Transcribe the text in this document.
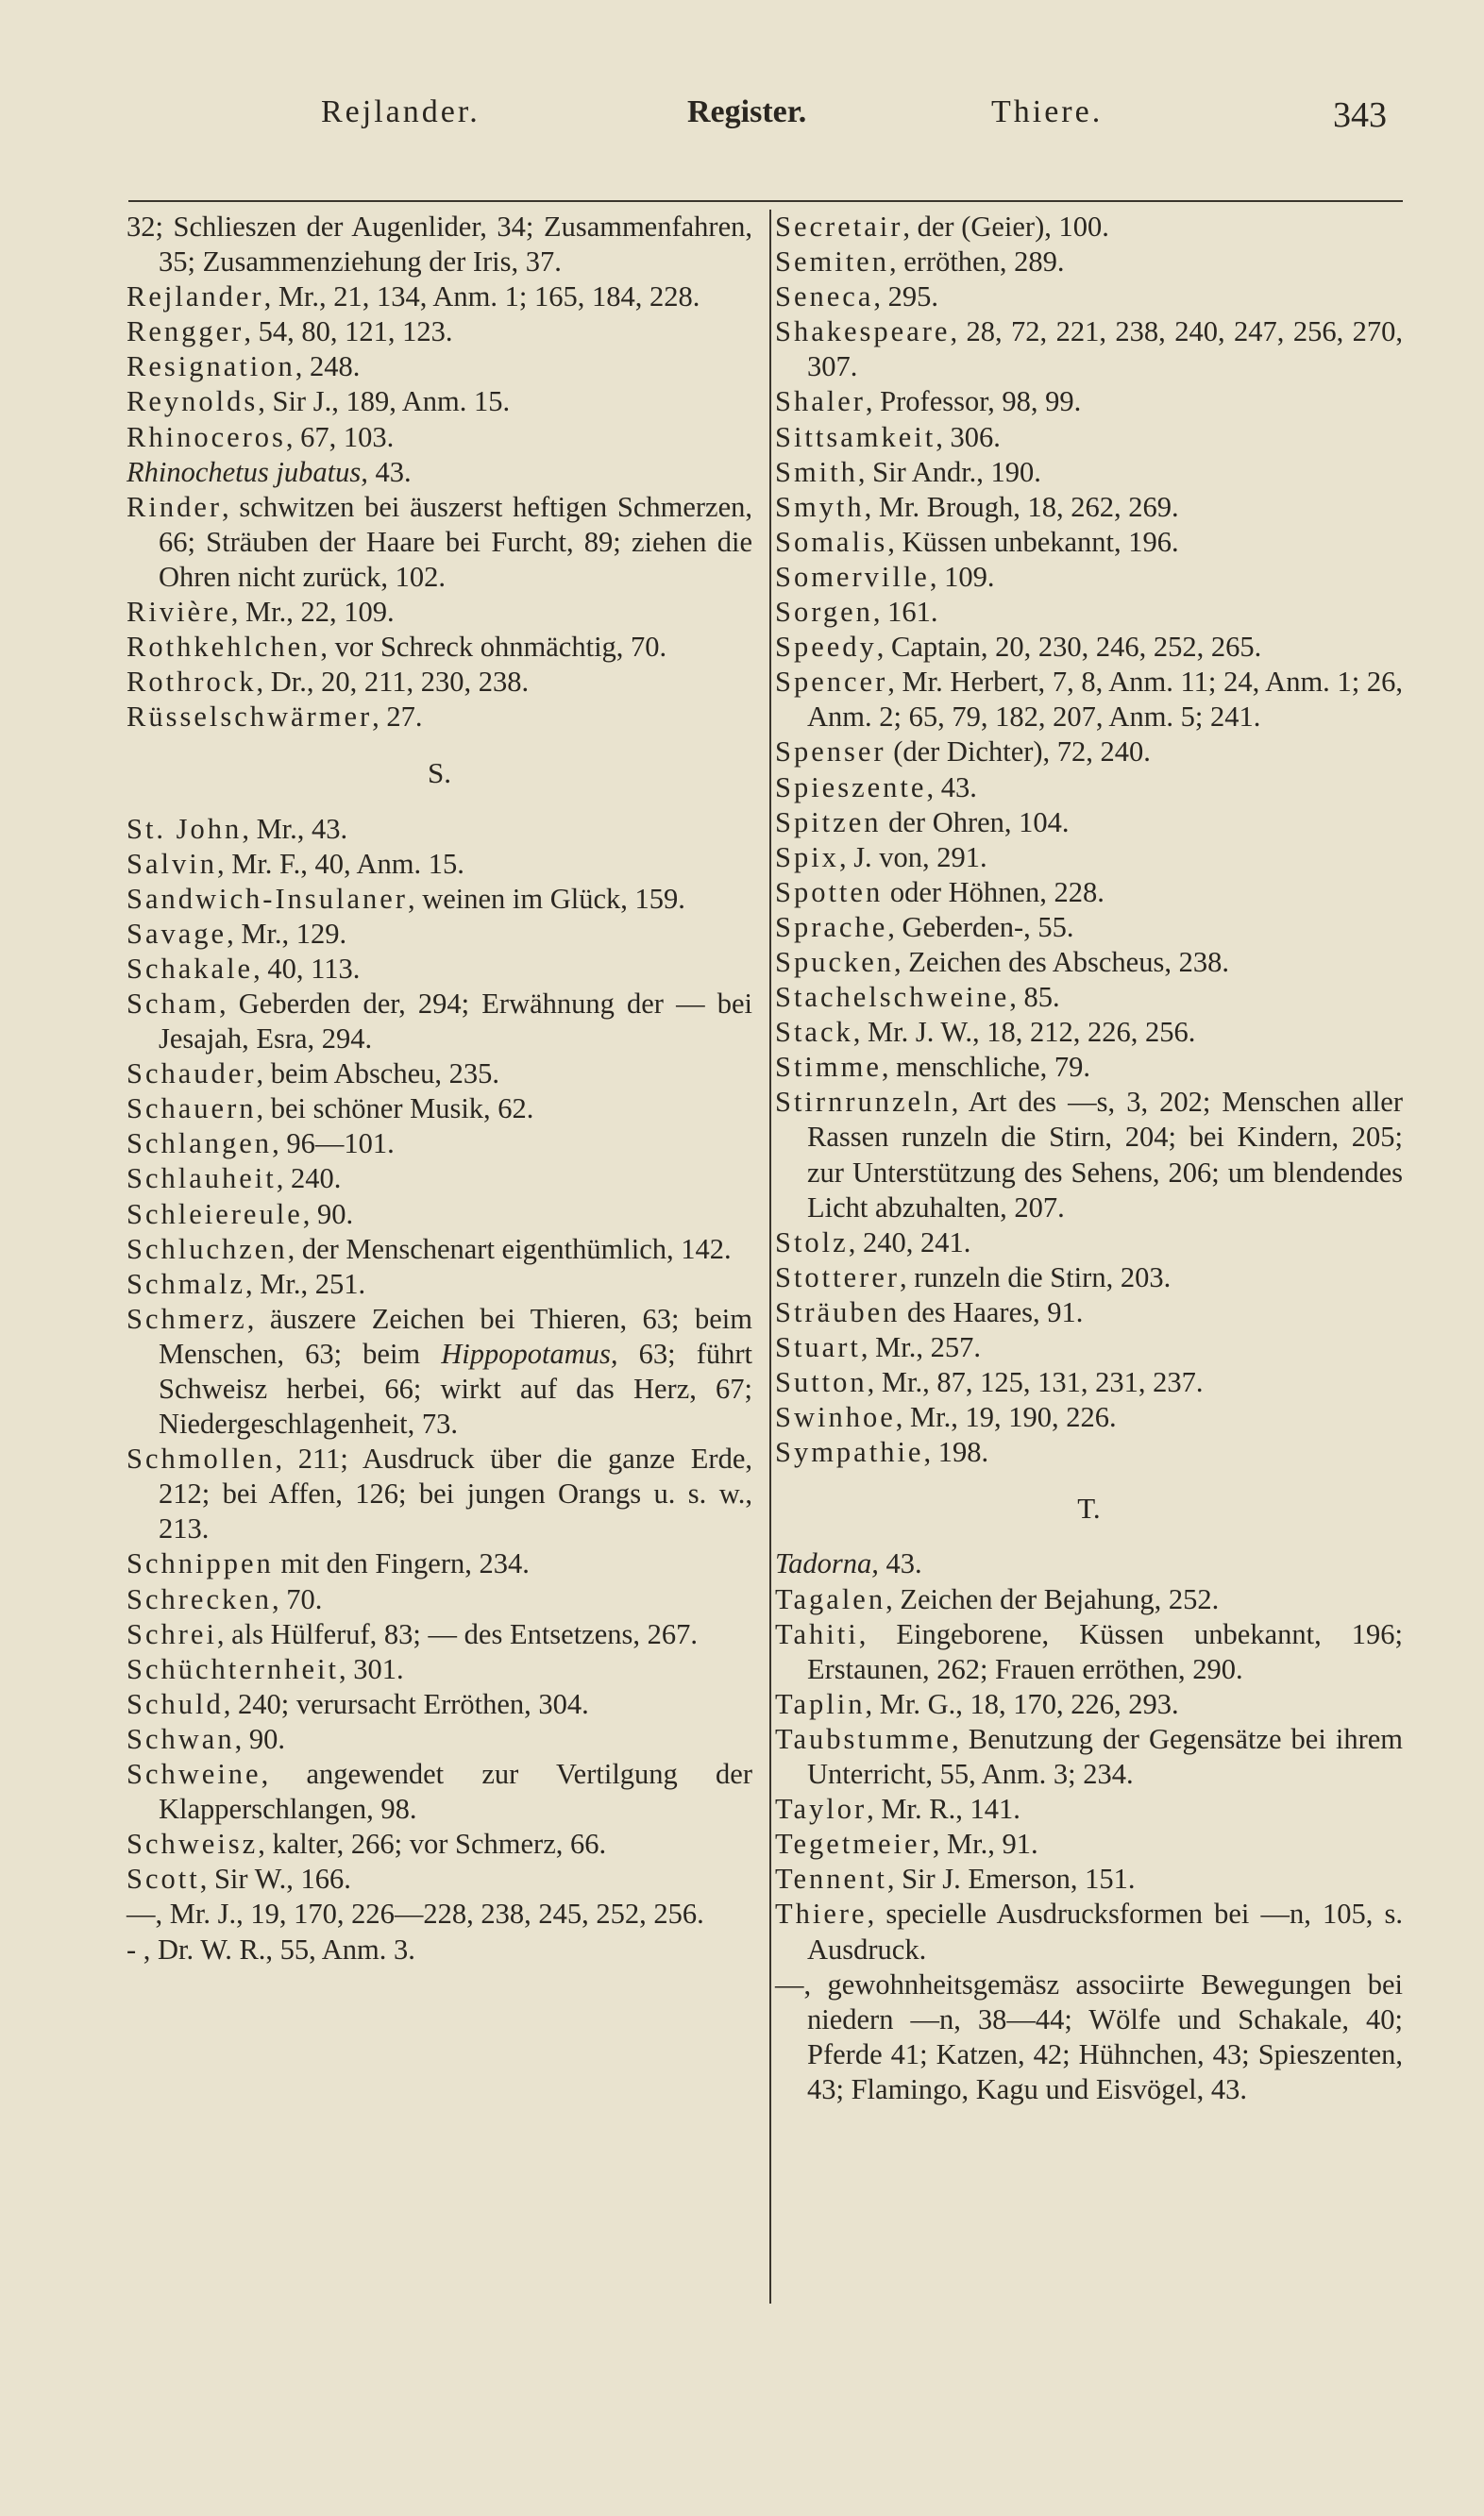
Rejlander.	Register.	Thiere.	343
32; Schlieszen der Augenlider, 34; Zusammenfahren, 35; Zusammenziehung der Iris, 37.
Rejlander, Mr., 21, 134, Anm. 1; 165, 184, 228.
Rengger, 54, 80, 121, 123.
Resignation, 248.
Reynolds, Sir J., 189, Anm. 15.
Rhinoceros, 67, 103.
Rhinochetus jubatus, 43.
Rinder, schwitzen bei äuszerst heftigen Schmerzen, 66; Sträuben der Haare bei Furcht, 89; ziehen die Ohren nicht zurück, 102.
Rivière, Mr., 22, 109.
Rothkehlchen, vor Schreck ohnmächtig, 70.
Rothrock, Dr., 20, 211, 230, 238.
Rüsselschwärmer, 27.
S.
St. John, Mr., 43.
Salvin, Mr. F., 40, Anm. 15.
Sandwich-Insulaner, weinen im Glück, 159.
Savage, Mr., 129.
Schakale, 40, 113.
Scham, Geberden der, 294; Erwähnung der — bei Jesajah, Esra, 294.
Schauder, beim Abscheu, 235.
Schauern, bei schöner Musik, 62.
Schlangen, 96—101.
Schlauheit, 240.
Schleiereule, 90.
Schluchzen, der Menschenart eigenthümlich, 142.
Schmalz, Mr., 251.
Schmerz, äuszere Zeichen bei Thieren, 63; beim Menschen, 63; beim Hippopotamus, 63; führt Schweisz herbei, 66; wirkt auf das Herz, 67; Niedergeschlagenheit, 73.
Schmollen, 211; Ausdruck über die ganze Erde, 212; bei Affen, 126; bei jungen Orangs u. s. w., 213.
Schnippen mit den Fingern, 234.
Schrecken, 70.
Schrei, als Hülferuf, 83; — des Entsetzens, 267.
Schüchternheit, 301.
Schuld, 240; verursacht Erröthen, 304.
Schwan, 90.
Schweine, angewendet zur Vertilgung der Klapperschlangen, 98.
Schweisz, kalter, 266; vor Schmerz, 66.
Scott, Sir W., 166.
—, Mr. J., 19, 170, 226—228, 238, 245, 252, 256.
- , Dr. W. R., 55, Anm. 3.
Secretair, der (Geier), 100.
Semiten, erröthen, 289.
Seneca, 295.
Shakespeare, 28, 72, 221, 238, 240, 247, 256, 270, 307.
Shaler, Professor, 98, 99.
Sittsamkeit, 306.
Smith, Sir Andr., 190.
Smyth, Mr. Brough, 18, 262, 269.
Somalis, Küssen unbekannt, 196.
Somerville, 109.
Sorgen, 161.
Speedy, Captain, 20, 230, 246, 252, 265.
Spencer, Mr. Herbert, 7, 8, Anm. 11; 24, Anm. 1; 26, Anm. 2; 65, 79, 182, 207, Anm. 5; 241.
Spenser (der Dichter), 72, 240.
Spieszente, 43.
Spitzen der Ohren, 104.
Spix, J. von, 291.
Spotten oder Höhnen, 228.
Sprache, Geberden-, 55.
Spucken, Zeichen des Abscheus, 238.
Stachelschweine, 85.
Stack, Mr. J. W., 18, 212, 226, 256.
Stimme, menschliche, 79.
Stirnrunzeln, Art des —s, 3, 202; Menschen aller Rassen runzeln die Stirn, 204; bei Kindern, 205; zur Unterstützung des Sehens, 206; um blendendes Licht abzuhalten, 207.
Stolz, 240, 241.
Stotterer, runzeln die Stirn, 203.
Sträuben des Haares, 91.
Stuart, Mr., 257.
Sutton, Mr., 87, 125, 131, 231, 237.
Swinhoe, Mr., 19, 190, 226.
Sympathie, 198.
T.
Tadorna, 43.
Tagalen, Zeichen der Bejahung, 252.
Tahiti, Eingeborene, Küssen unbekannt, 196; Erstaunen, 262; Frauen erröthen, 290.
Taplin, Mr. G., 18, 170, 226, 293.
Taubstumme, Benutzung der Gegensätze bei ihrem Unterricht, 55, Anm. 3; 234.
Taylor, Mr. R., 141.
Tegetmeier, Mr., 91.
Tennent, Sir J. Emerson, 151.
Thiere, specielle Ausdrucksformen bei —n, 105, s. Ausdruck.
—, gewohnheitsgemäsz associirte Bewegungen bei niedern —n, 38—44; Wölfe und Schakale, 40; Pferde 41; Katzen, 42; Hühnchen, 43; Spieszenten, 43; Flamingo, Kagu und Eisvögel, 43.
